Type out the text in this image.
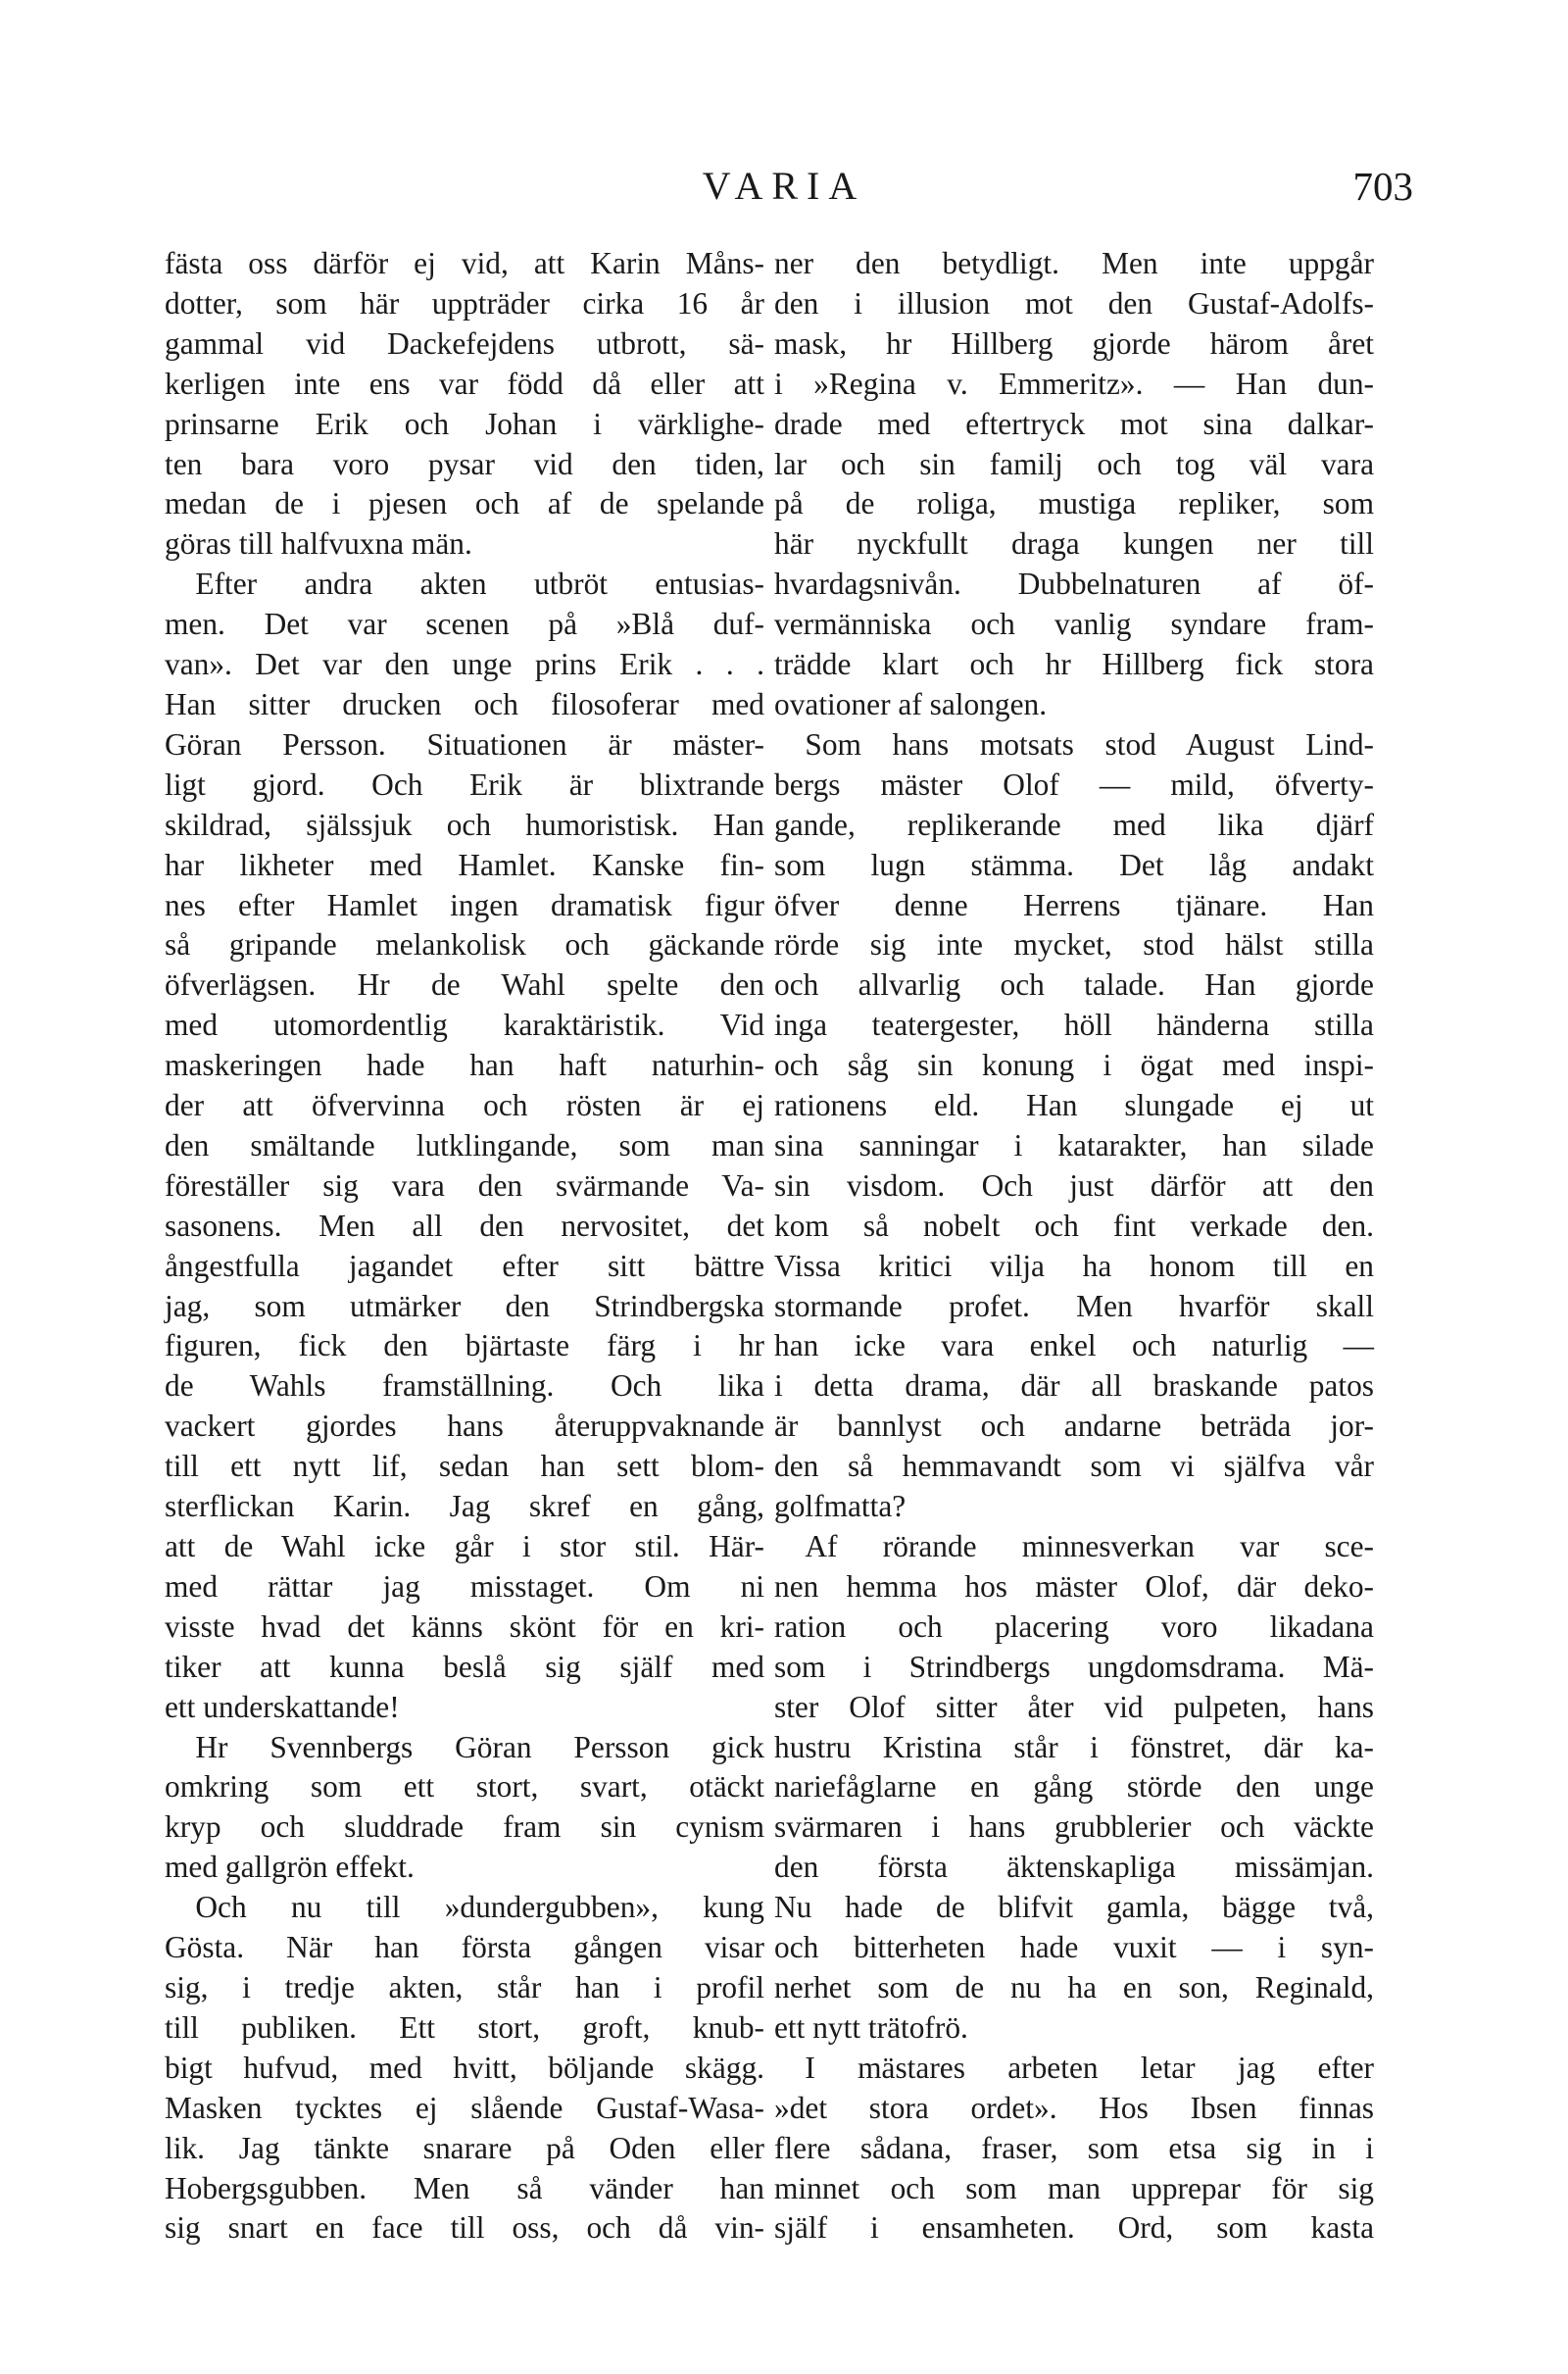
VARIA	703

fästa oss därför ej vid, att Karin Måns-
dotter, som här uppträder cirka 16 år
gammal vid Dackefejdens utbrott, sä-
kerligen inte ens var född då eller att
prinsarne Erik och Johan i värklighe-
ten bara voro pysar vid den tiden,
medan de i pjesen och af de spelande
göras till halfvuxna män.

Efter andra akten utbröt entusias-
men. Det var scenen på »Blå duf-
van». Det var den unge prins Erik . . .
Han sitter drucken och filosoferar med
Göran Persson. Situationen är mäster-
ligt gjord. Och Erik är blixtrande
skildrad, själssjuk och humoristisk. Han
har likheter med Hamlet. Kanske fin-
nes efter Hamlet ingen dramatisk figur
så gripande melankolisk och gäckande
öfverlägsen. Hr de Wahl spelte den
med utomordentlig karaktäristik. Vid
maskeringen hade han haft naturhin-
der att öfvervinna och rösten är ej
den smältande lutklingande, som man
föreställer sig vara den svärmande Va-
sasonens. Men all den nervositet, det
ångestfulla jagandet efter sitt bättre
jag, som utmärker den Strindbergska
figuren, fick den bjärtaste färg i hr
de Wahls framställning. Och lika
vackert gjordes hans återuppvaknande
till ett nytt lif, sedan han sett blom-
sterflickan Karin. Jag skref en gång,
att de Wahl icke går i stor stil. Här-
med rättar jag misstaget. Om ni
visste hvad det känns skönt för en kri-
tiker att kunna beslå sig själf med
ett underskattande!

Hr Svennbergs Göran Persson gick
omkring som ett stort, svart, otäckt
kryp och sluddrade fram sin cynism
med gallgrön effekt.

Och nu till »dundergubben», kung
Gösta. När han första gången visar
sig, i tredje akten, står han i profil
till publiken. Ett stort, groft, knub-
bigt hufvud, med hvitt, böljande skägg.
Masken tycktes ej slående Gustaf-Wasa-
lik. Jag tänkte snarare på Oden eller
Hobergsgubben. Men så vänder han
sig snart en face till oss, och då vin-

ner den betydligt. Men inte uppgår
den i illusion mot den Gustaf-Adolfs-
mask, hr Hillberg gjorde härom året
i »Regina v. Emmeritz». — Han dun-
drade med eftertryck mot sina dalkar-
lar och sin familj och tog väl vara
på de roliga, mustiga repliker, som
här nyckfullt draga kungen ner till
hvardagsnivån. Dubbelnaturen af öf-
vermänniska och vanlig syndare fram-
trädde klart och hr Hillberg fick stora
ovationer af salongen.

Som hans motsats stod August Lind-
bergs mäster Olof — mild, öfverty-
gande, replikerande med lika djärf
som lugn stämma. Det låg andakt
öfver denne Herrens tjänare. Han
rörde sig inte mycket, stod hälst stilla
och allvarlig och talade. Han gjorde
inga teatergester, höll händerna stilla
och såg sin konung i ögat med inspi-
rationens eld. Han slungade ej ut
sina sanningar i katarakter, han silade
sin visdom. Och just därför att den
kom så nobelt och fint verkade den.
Vissa kritici vilja ha honom till en
stormande profet. Men hvarför skall
han icke vara enkel och naturlig —
i detta drama, där all braskande patos
är bannlyst och andarne beträda jor-
den så hemmavandt som vi själfva vår
golfmatta?

Af rörande minnesverkan var sce-
nen hemma hos mäster Olof, där deko-
ration och placering voro likadana
som i Strindbergs ungdomsdrama. Mä-
ster Olof sitter åter vid pulpeten, hans
hustru Kristina står i fönstret, där ka-
nariefåglarne en gång störde den unge
svärmaren i hans grubblerier och väckte
den första äktenskapliga missämjan.
Nu hade de blifvit gamla, bägge två,
och bitterheten hade vuxit — i syn-
nerhet som de nu ha en son, Reginald,
ett nytt trätofrö.

I mästares arbeten letar jag efter
»det stora ordet». Hos Ibsen finnas
flere sådana, fraser, som etsa sig in i
minnet och som man upprepar för sig
själf i ensamheten. Ord, som kasta
